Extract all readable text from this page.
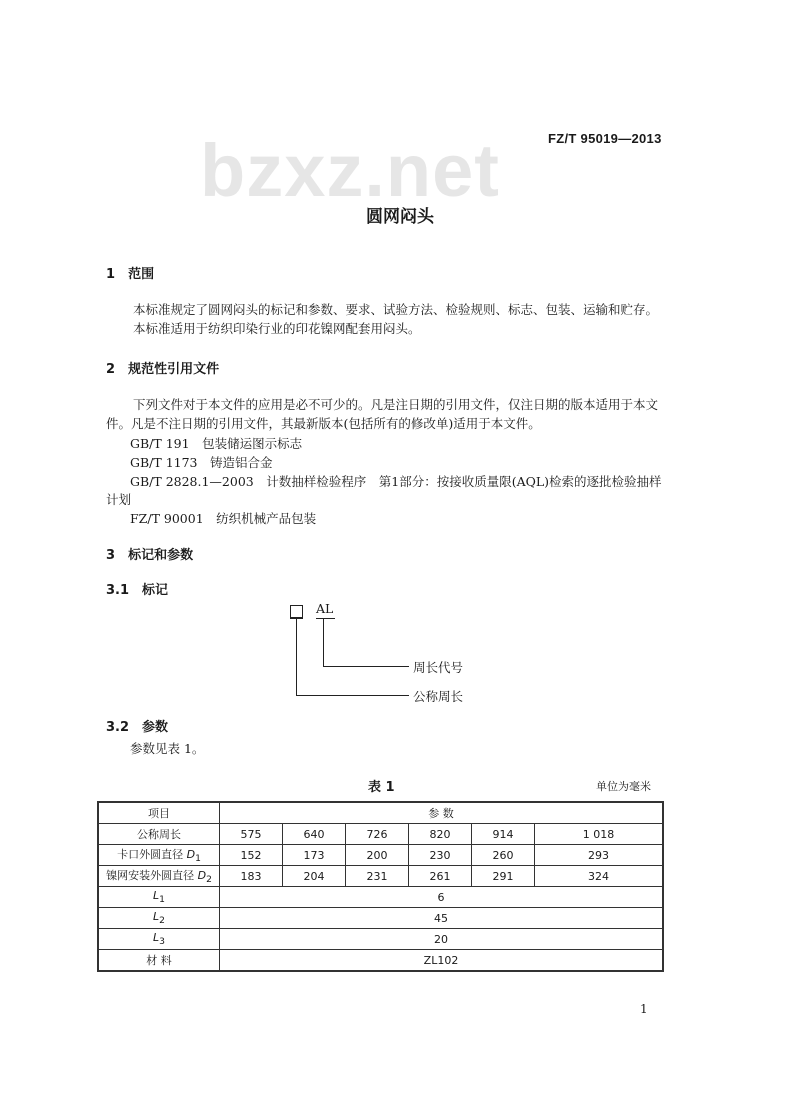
bzxz.net	FZ/T 95019—2013
圆网闷头
1　 范围

本标准规定了圆网闷头的标记和参数、要求、试验方法、检验规则、标志、包装、运输和贮存。

本标准适用于纺织印染行业的印花镍网配套用闷头。

2　 规范性引用文件

下列文件对于本文件的应用是必不可少的。凡是注日期的引用文件，仅注日期的版本适用于本文

件。凡是不注日期的引用文件，其最新版本(包括所有的修改单)适用于本文件。

GB/T 191　 包装储运图示标志
GB/T 1173　 铸造铝合金
GB/T 2828.1—2003　 计数抽样检验程序　第1部分：按接收质量限(AQL)检索的逐批检验抽样
计划
FZ/T 90001　 纺织机械产品包装
3　 标记和参数
3.1　 标记
AL
周长代号
公称周长
3.2　 参数

参数见表 1。

表 1	单位为毫米
项目	参 数					
公称周长	575	640	726	820	914	1 018
卡口外圆直径 $D_1$	152	173	200	230	260	293
镍网安装外圆直径 $D_2$	183	204	231	261	291	324
$L_1$	6					
$L_2$	45					
$L_3$	20					
材 料	ZL102					
1
